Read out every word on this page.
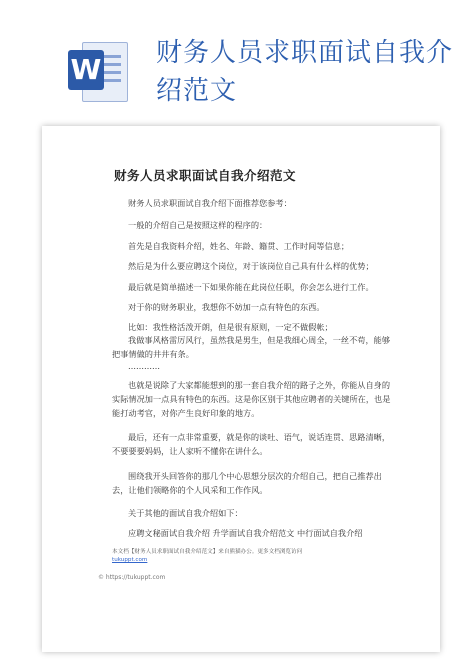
W 财务人员求职面试自我介绍范文
财务人员求职面试自我介绍范文

财务人员求职面试自我介绍下面推荐您参考：

一般的介绍自己是按照这样的程序的：

首先是自我资料介绍，姓名、年龄、籍贯、工作时间等信息；

然后是为什么要应聘这个岗位，对于该岗位自己具有什么样的优势；

最后就是简单描述一下如果你能在此岗位任职，你会怎么进行工作。

对于你的财务职业，我想你不妨加一点有特色的东西。

比如：我性格活泼开朗，但是很有原则，一定不做假帐；

我做事风格雷厉风行，虽然我是男生，但是我细心周全，一丝不苟，能够把事情做的井井有条。

…………

也就是说除了大家都能想到的那一套自我介绍的路子之外，你能从自身的实际情况加一点具有特色的东西。这是你区别于其他应聘者的关键所在，也是能打动考官，对你产生良好印象的地方。

最后，还有一点非常重要，就是你的谈吐、语气，说话连贯、思路清晰，不要要要妈妈，让人家听不懂你在讲什么。

围绕我开头回答你的那几个中心思想分层次的介绍自己，把自己推荐出去，让他们领略你的个人风采和工作作风。

关于其他的面试自我介绍如下：

应聘文秘面试自我介绍 升学面试自我介绍范文 中行面试自我介绍

本文档【财务人员求职面试自我介绍范文】来自熊猫办公。更多文档浏览访问
tukuppt.com
© https://tukuppt.com
